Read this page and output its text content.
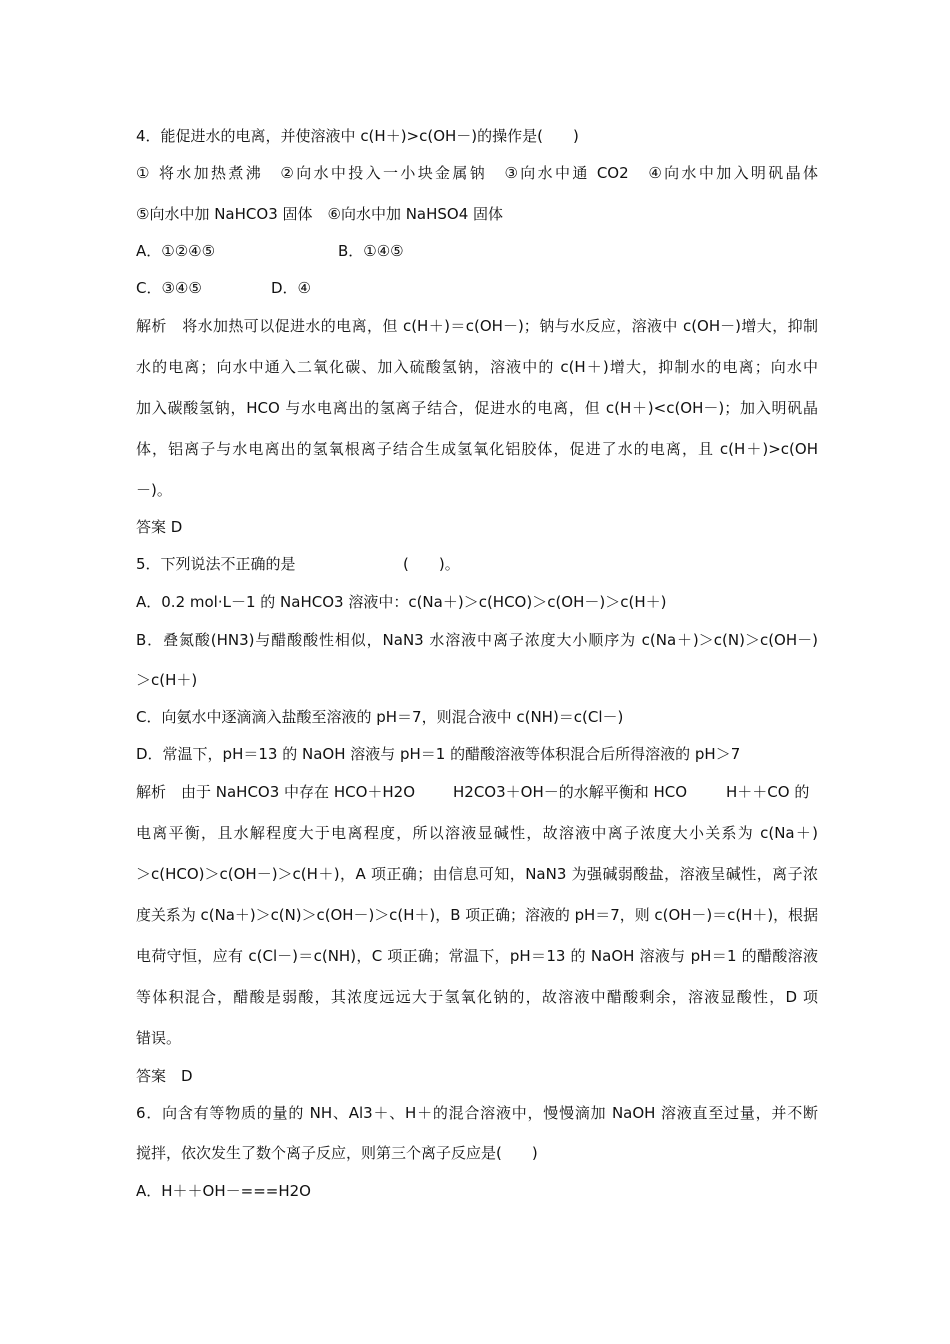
4．能促进水的电离，并使溶液中 c(H＋)>c(OH－)的操作是(　　)
① 将水加热煮沸　②向水中投入一小块金属钠　③向水中通 CO2　④向水中加入明矾晶体
⑤向水中加 NaHCO3 固体　⑥向水中加 NaHSO4 固体
A．①②④⑤	B．①④⑤
C．③④⑤	D．④
解析　将水加热可以促进水的电离，但 c(H＋)＝c(OH－)；钠与水反应，溶液中 c(OH－)增大，抑制
水的电离；向水中通入二氧化碳、加入硫酸氢钠，溶液中的 c(H＋)增大，抑制水的电离；向水中
加入碳酸氢钠，HCO 与水电离出的氢离子结合，促进水的电离，但 c(H＋)<c(OH－)；加入明矾晶
体，铝离子与水电离出的氢氧根离子结合生成氢氧化铝胶体，促进了水的电离，且 c(H＋)>c(OH
－)。
答案 D
5．下列说法不正确的是	(　　)。
A．0.2 mol·L－1 的 NaHCO3 溶液中：c(Na＋)＞c(HCO)＞c(OH－)＞c(H＋)
B．叠氮酸(HN3)与醋酸酸性相似，NaN3 水溶液中离子浓度大小顺序为 c(Na＋)＞c(N)＞c(OH－)
＞c(H＋)
C．向氨水中逐滴滴入盐酸至溶液的 pH＝7，则混合液中 c(NH)＝c(Cl－)
D．常温下，pH＝13 的 NaOH 溶液与 pH＝1 的醋酸溶液等体积混合后所得溶液的 pH＞7
解析　由于 NaHCO3 中存在 HCO＋H2O	H2CO3＋OH－的水解平衡和 HCO	H＋＋CO 的
电离平衡，且水解程度大于电离程度，所以溶液显碱性，故溶液中离子浓度大小关系为 c(Na＋)
＞c(HCO)＞c(OH－)＞c(H＋)，A 项正确；由信息可知，NaN3 为强碱弱酸盐，溶液呈碱性，离子浓
度关系为 c(Na＋)＞c(N)＞c(OH－)＞c(H＋)，B 项正确；溶液的 pH＝7，则 c(OH－)＝c(H＋)，根据
电荷守恒，应有 c(Cl－)＝c(NH)，C 项正确；常温下，pH＝13 的 NaOH 溶液与 pH＝1 的醋酸溶液
等体积混合，醋酸是弱酸，其浓度远远大于氢氧化钠的，故溶液中醋酸剩余，溶液显酸性，D 项
错误。
答案　D
6．向含有等物质的量的 NH、Al3＋、H＋的混合溶液中，慢慢滴加 NaOH 溶液直至过量，并不断
搅拌，依次发生了数个离子反应，则第三个离子反应是(　　)
A．H＋＋OH－===H2O
